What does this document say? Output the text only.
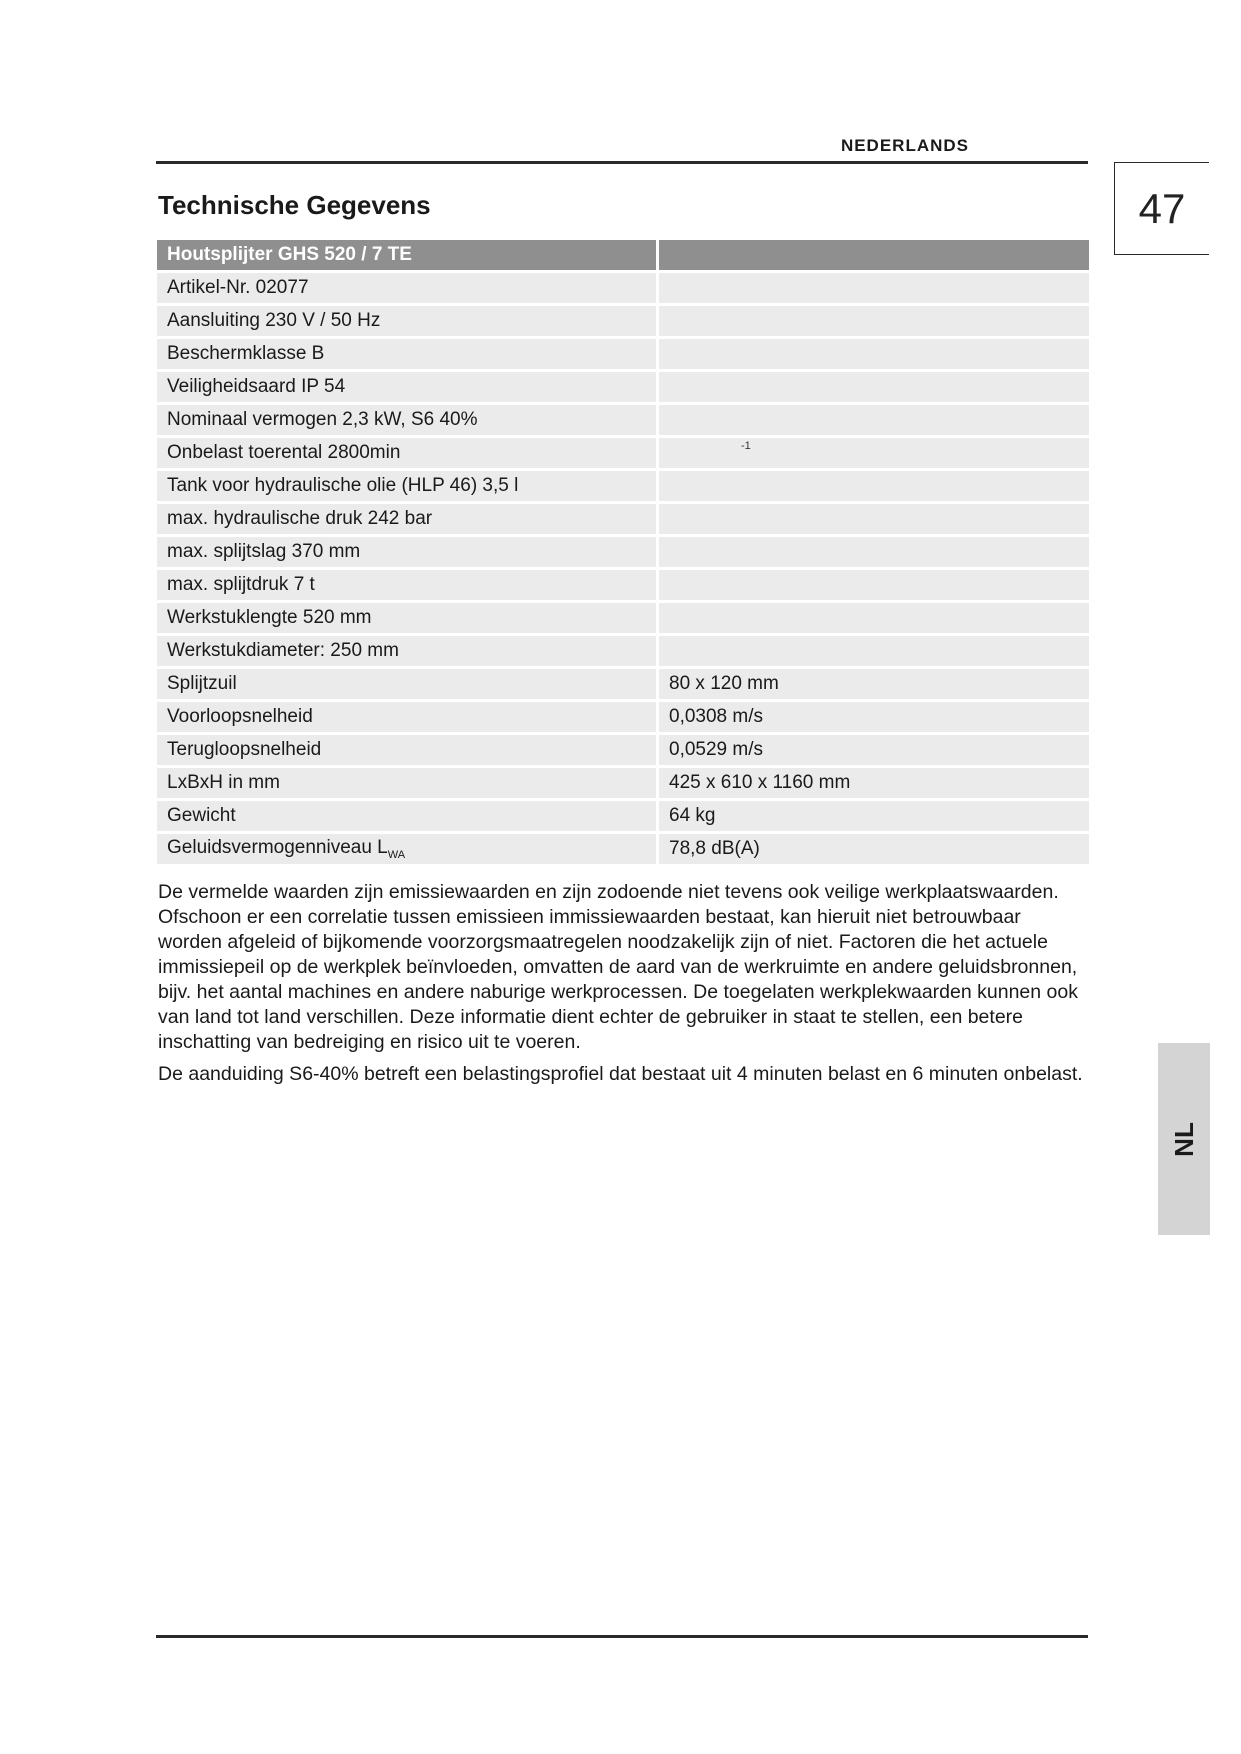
NEDERLANDS
47
Technische Gegevens
Houtsplijter GHS 520 / 7 TE	
Artikel-Nr. 02077	
Aansluiting 230 V / 50 Hz	
Beschermklasse B	
Veiligheidsaard IP 54	
Nominaal vermogen 2,3 kW, S6 40%	
Onbelast toerental 2800min	-1

Tank voor hydraulische olie (HLP 46) 3,5 l	
max. hydraulische druk 242 bar	
max. splijtslag 370 mm	
max. splijtdruk 7 t	
Werkstuklengte 520 mm	
Werkstukdiameter: 250 mm	
Splijtzuil	80 x 120 mm
Voorloopsnelheid	0,0308 m/s
Terugloopsnelheid	0,0529 m/s
LxBxH in mm	425 x 610 x 1160 mm
Gewicht	64 kg
Geluidsvermogenniveau $L_{WA}$	78,8 dB(A)

De vermelde waarden zijn emissiewaarden en zijn zodoende niet tevens ook veilige werkplaatswaarden. Ofschoon er een correlatie tussen emissieen immissiewaarden bestaat, kan hieruit niet betrouwbaar worden afgeleid of bijkomende voorzorgsmaatregelen noodzakelijk zijn of niet. Factoren die het actuele immissiepeil op de werkplek beïnvloeden, omvatten de aard van de werkruimte en andere geluidsbronnen, bijv. het aantal machines en andere naburige werkprocessen. De toegelaten werkplekwaarden kunnen ook van land tot land verschillen. Deze informatie dient echter de gebruiker in staat te stellen, een betere inschatting van bedreiging en risico uit te voeren.

De aanduiding S6-40% betreft een belastingsprofiel dat bestaat uit 4 minuten belast en 6 minuten onbelast.

NL
